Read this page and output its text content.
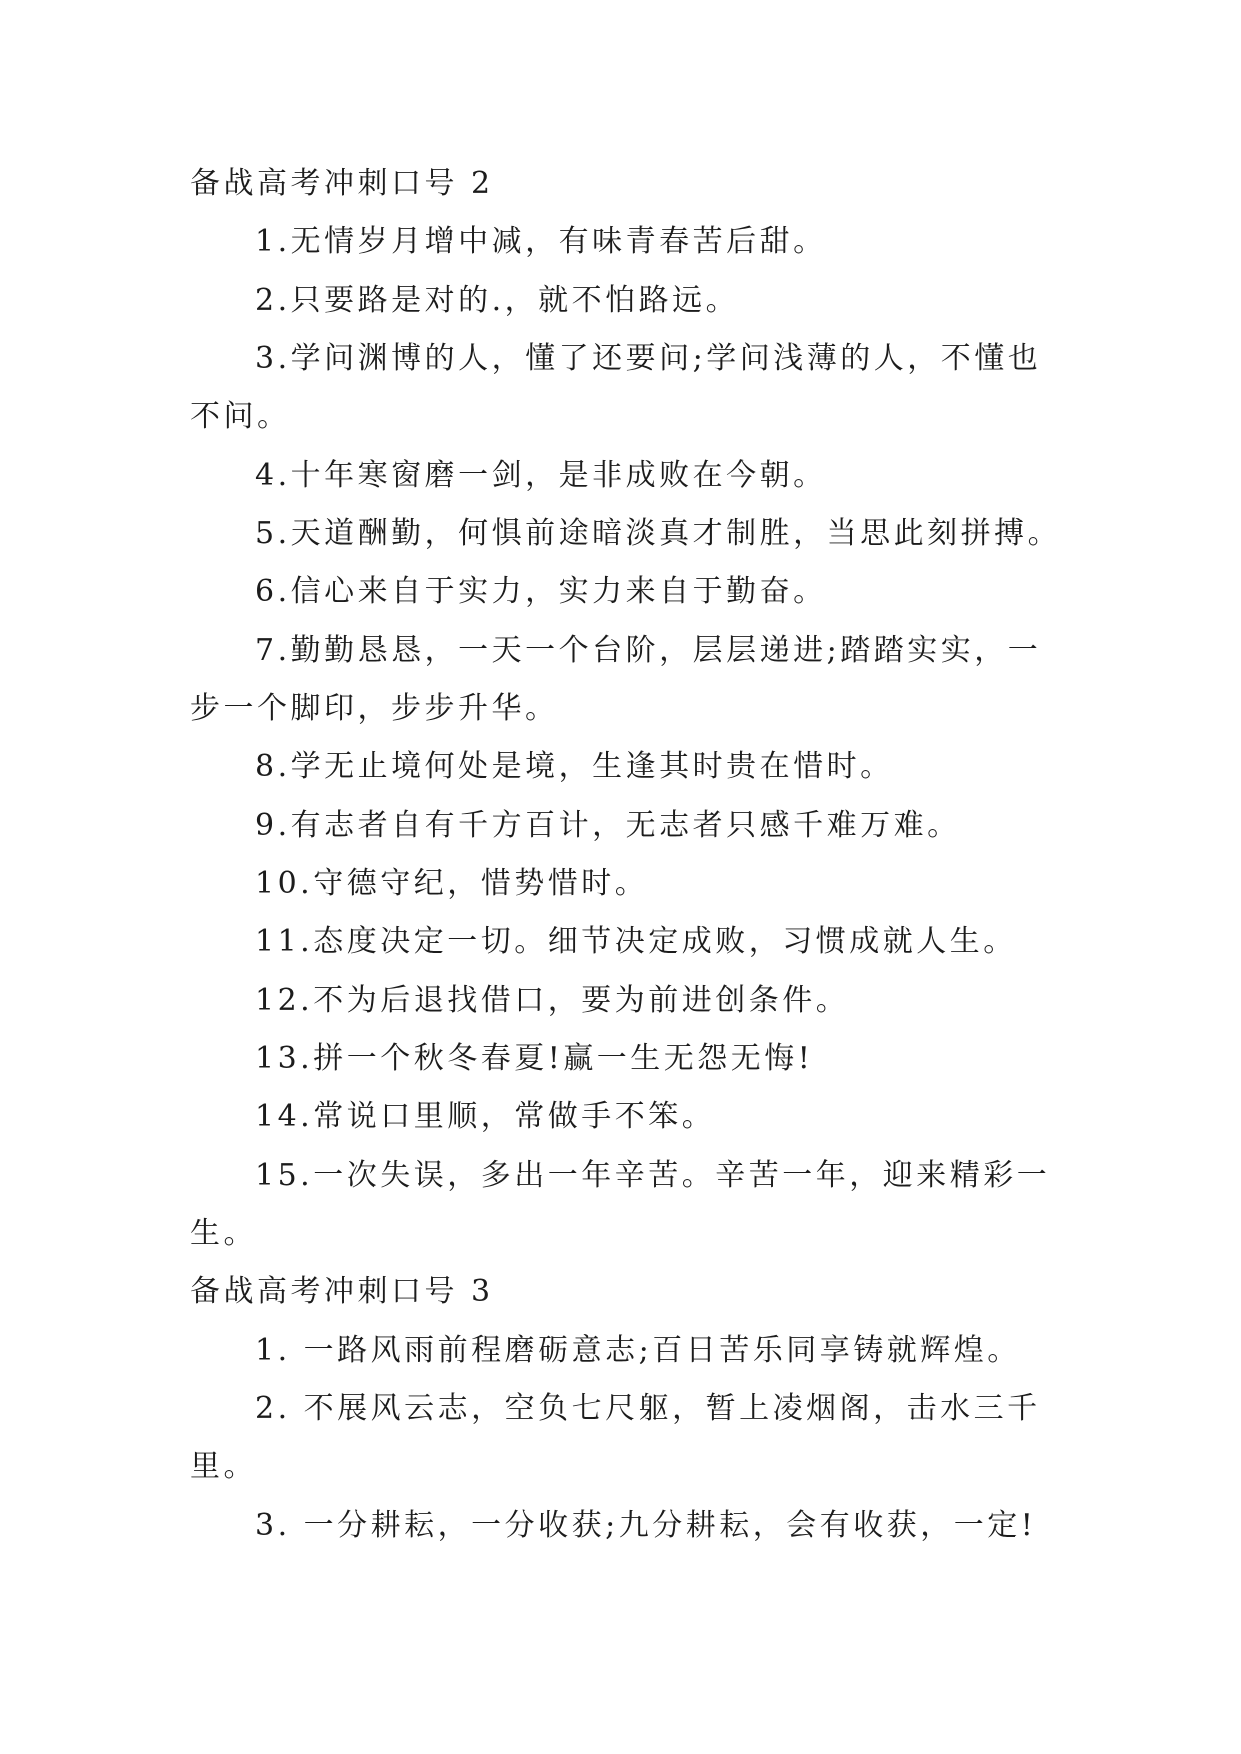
备战高考冲刺口号 2
1.无情岁月增中减，有味青春苦后甜。
2.只要路是对的.，就不怕路远。
3.学问渊博的人，懂了还要问;学问浅薄的人，不懂也
不问。
4.十年寒窗磨一剑，是非成败在今朝。
5.天道酬勤，何惧前途暗淡真才制胜，当思此刻拼搏。
6.信心来自于实力，实力来自于勤奋。
7.勤勤恳恳，一天一个台阶，层层递进;踏踏实实，一
步一个脚印，步步升华。
8.学无止境何处是境，生逢其时贵在惜时。
9.有志者自有千方百计，无志者只感千难万难。
10.守德守纪，惜势惜时。
11.态度决定一切。细节决定成败，习惯成就人生。
12.不为后退找借口，要为前进创条件。
13.拼一个秋冬春夏!赢一生无怨无悔!
14.常说口里顺，常做手不笨。
15.一次失误，多出一年辛苦。辛苦一年，迎来精彩一
生。
备战高考冲刺口号 3
1. 一路风雨前程磨砺意志;百日苦乐同享铸就辉煌。
2. 不展风云志，空负七尺躯，暂上凌烟阁，击水三千
里。
3. 一分耕耘，一分收获;九分耕耘，会有收获，一定!
